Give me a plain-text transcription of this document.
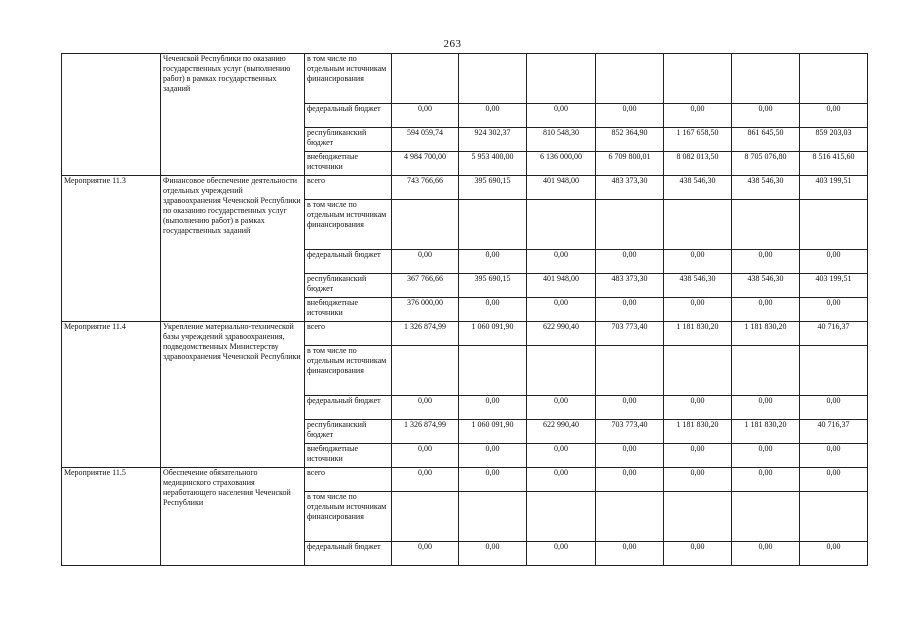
263
	Чеченской Республики по оказанию государственных услуг (выполнению работ) в рамках государственных заданий	в том числе по отдельным источникам финансирования							
		федеральный бюджет	0,00	0,00	0,00	0,00	0,00	0,00	0,00
		республиканский бюджет	594 059,74	924 302,37	810 548,30	852 364,90	1 167 658,50	861 645,50	859 203,03
		внебюджетные источники	4 984 700,00	5 953 400,00	6 136 000,00	6 709 800,01	8 082 013,50	8 705 076,80	8 516 415,60
Мероприятие 11.3	Финансовое обеспечение деятельности отдельных учреждений здравоохранения Чеченской Республики по оказанию государственных услуг (выполнению работ) в рамках государственных заданий	всего	743 766,66	395 690,15	401 948,00	483 373,30	438 546,30	438 546,30	403 199,51
		в том числе по отдельным источникам финансирования							
		федеральный бюджет	0,00	0,00	0,00	0,00	0,00	0,00	0,00
		республиканский бюджет	367 766,66	395 690,15	401 948,00	483 373,30	438 546,30	438 546,30	403 199,51
		внебюджетные источники	376 000,00	0,00	0,00	0,00	0,00	0,00	0,00
Мероприятие 11.4	Укрепление материально-технической базы учреждений здравоохранения, подведомственных Министерству здравоохранения Чеченской Республики	всего	1 326 874,99	1 060 091,90	622 990,40	703 773,40	1 181 830,20	1 181 830,20	40 716,37
		в том числе по отдельным источникам финансирования							
		федеральный бюджет	0,00	0,00	0,00	0,00	0,00	0,00	0,00
		республиканский бюджет	1 326 874,99	1 060 091,90	622 990,40	703 773,40	1 181 830,20	1 181 830,20	40 716,37
		внебюджетные источники	0,00	0,00	0,00	0,00	0,00	0,00	0,00
Мероприятие 11.5	Обеспечение обязательного медицинского страхования неработающего населения Чеченской Республики	всего	0,00	0,00	0,00	0,00	0,00	0,00	0,00
		в том числе по отдельным источникам финансирования							
		федеральный бюджет	0,00	0,00	0,00	0,00	0,00	0,00	0,00
